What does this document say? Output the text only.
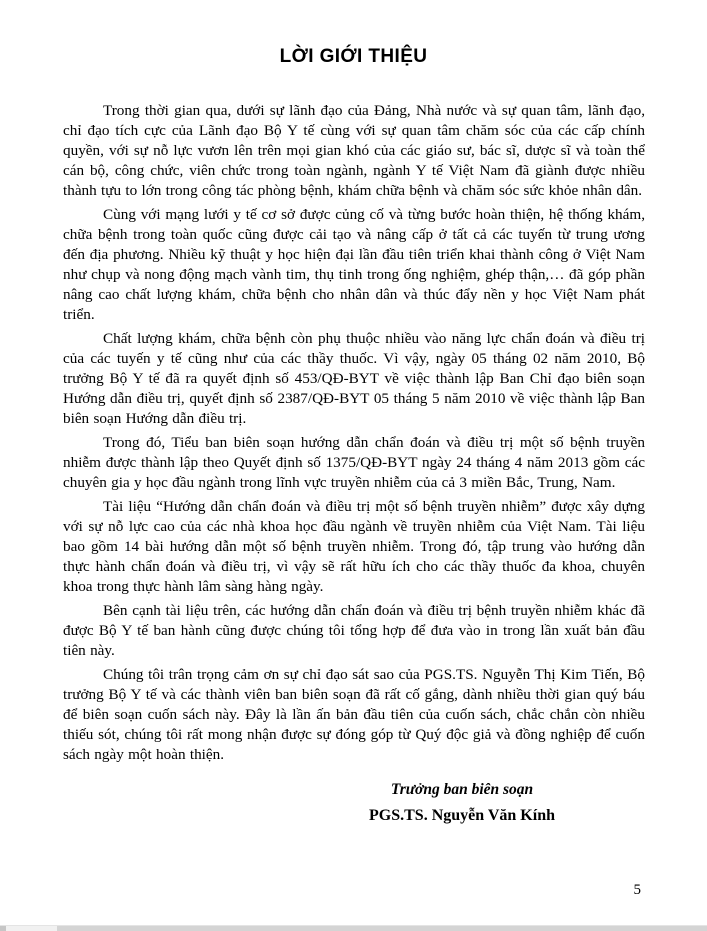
LỜI GIỚI THIỆU

Trong thời gian qua, dưới sự lãnh đạo của Đảng, Nhà nước và sự quan tâm, lãnh đạo, chỉ đạo tích cực của Lãnh đạo Bộ Y tế cùng với sự quan tâm chăm sóc của các cấp chính quyền, với sự nỗ lực vươn lên trên mọi gian khó của các giáo sư, bác sĩ, dược sĩ và toàn thể cán bộ, công chức, viên chức trong toàn ngành, ngành Y tế Việt Nam đã giành được nhiều thành tựu to lớn trong công tác phòng bệnh, khám chữa bệnh và chăm sóc sức khỏe nhân dân.

Cùng với mạng lưới y tế cơ sở được củng cố và từng bước hoàn thiện, hệ thống khám, chữa bệnh trong toàn quốc cũng được cải tạo và nâng cấp ở tất cả các tuyến từ trung ương đến địa phương. Nhiều kỹ thuật y học hiện đại lần đầu tiên triển khai thành công ở Việt Nam như chụp và nong động mạch vành tim, thụ tinh trong ống nghiệm, ghép thận,… đã góp phần nâng cao chất lượng khám, chữa bệnh cho nhân dân và thúc đẩy nền y học Việt Nam phát triển.

Chất lượng khám, chữa bệnh còn phụ thuộc nhiều vào năng lực chẩn đoán và điều trị của các tuyến y tế cũng như của các thầy thuốc. Vì vậy, ngày 05 tháng 02 năm 2010, Bộ trưởng Bộ Y tế đã ra quyết định số 453/QĐ-BYT về việc thành lập Ban Chỉ đạo biên soạn Hướng dẫn điều trị, quyết định số 2387/QĐ-BYT 05 tháng 5 năm 2010 về việc thành lập Ban biên soạn Hướng dẫn điều trị.

Trong đó, Tiểu ban biên soạn hướng dẫn chẩn đoán và điều trị một số bệnh truyền nhiễm được thành lập theo Quyết định số 1375/QĐ-BYT ngày 24 tháng 4 năm 2013 gồm các chuyên gia y học đầu ngành trong lĩnh vực truyền nhiễm của cả 3 miền Bắc, Trung, Nam.

Tài liệu “Hướng dẫn chẩn đoán và điều trị một số bệnh truyền nhiễm” được xây dựng với sự nỗ lực cao của các nhà khoa học đầu ngành về truyền nhiễm của Việt Nam. Tài liệu bao gồm 14 bài hướng dẫn một số bệnh truyền nhiễm. Trong đó, tập trung vào hướng dẫn thực hành chẩn đoán và điều trị, vì vậy sẽ rất hữu ích cho các thầy thuốc đa khoa, chuyên khoa trong thực hành lâm sàng hàng ngày.

Bên cạnh tài liệu trên, các hướng dẫn chẩn đoán và điều trị bệnh truyền nhiễm khác đã được Bộ Y tế ban hành cũng được chúng tôi tổng hợp để đưa vào in trong lần xuất bản đầu tiên này.

Chúng tôi trân trọng cảm ơn sự chỉ đạo sát sao của PGS.TS. Nguyễn Thị Kim Tiến, Bộ trưởng Bộ Y tế và các thành viên ban biên soạn đã rất cố gắng, dành nhiều thời gian quý báu để biên soạn cuốn sách này. Đây là lần ấn bản đầu tiên của cuốn sách, chắc chắn còn nhiều thiếu sót, chúng tôi rất mong nhận được sự đóng góp từ Quý độc giả và đồng nghiệp để cuốn sách ngày một hoàn thiện.

Trưởng ban biên soạn
PGS.TS. Nguyễn Văn Kính
5
